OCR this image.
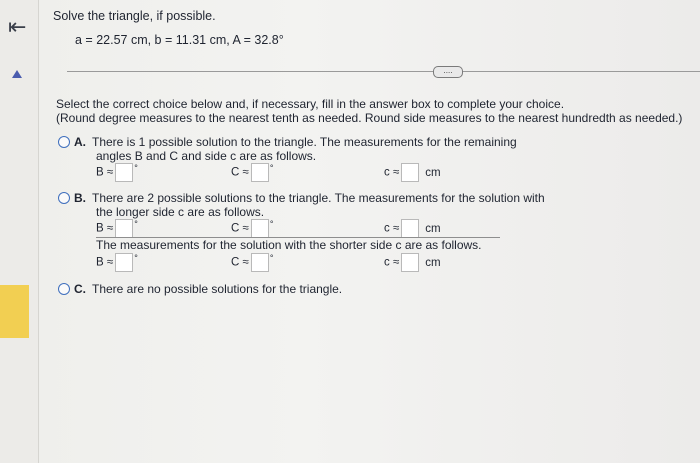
⇤ Solve the triangle, if possible.
a = 22.57 cm, b = 11.31 cm, A = 32.8°
....
Select the correct choice below and, if necessary, fill in the answer box to complete your choice.
(Round degree measures to the nearest tenth as needed. Round side measures to the nearest hundredth as needed.)
A. There is 1 possible solution to the triangle. The measurements for the remaining
angles B and C and side c are as follows.
B ≈ °	C ≈ °	c ≈ cm
B. There are 2 possible solutions to the triangle. The measurements for the solution with
the longer side c are as follows.
B ≈ °	C ≈ °	c ≈ cm
The measurements for the solution with the shorter side c are as follows.
B ≈ °	C ≈ °	c ≈ cm
C. There are no possible solutions for the triangle.
